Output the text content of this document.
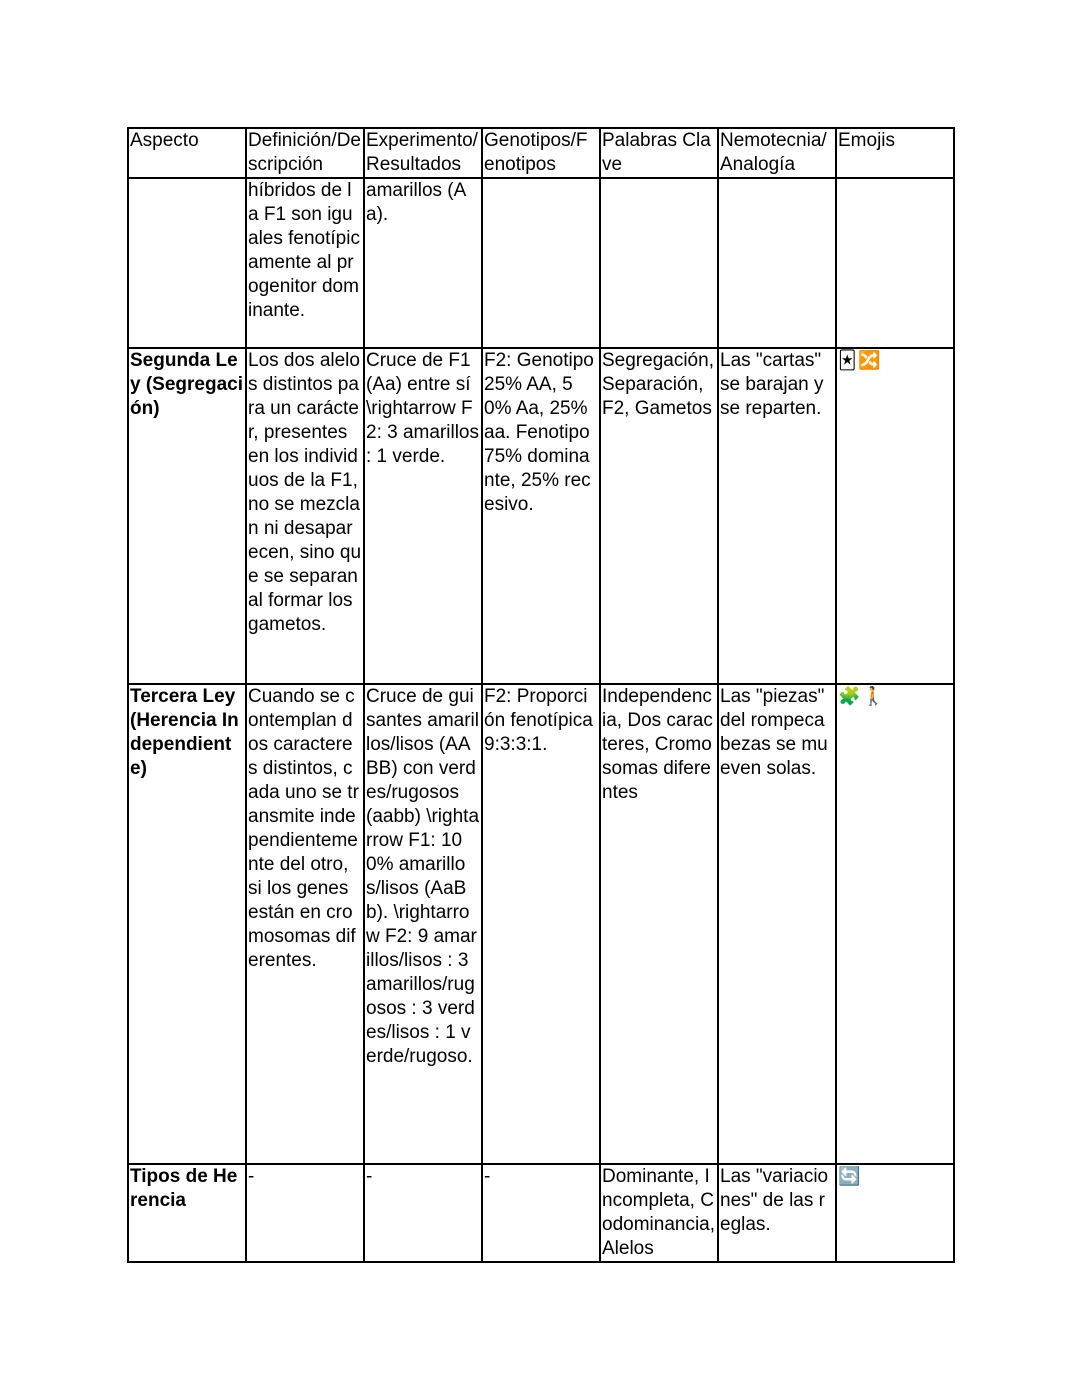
Aspecto	Definición/Descripción	Experimento/Resultados	Genotipos/Fenotipos	Palabras Clave	Nemotecnia/Analogía	Emojis
	híbridos de la F1 son iguales fenotípicamente al progenitor dominante.	amarillos (Aa).				
Segunda Ley (Segregación)	Los dos alelos distintos para un carácter, presentes en los individuos de la F1, no se mezclan ni desaparecen, sino que se separan al formar los gametos.	Cruce de F1 (Aa) entre sí \rightarrow F2: 3 amarillos : 1 verde.	F2: Genotipo 25% AA, 50% Aa, 25% aa. Fenotipo 75% dominante, 25% recesivo.	Segregación, Separación, F2, Gametos	Las "cartas" se barajan y se reparten.	🃏 🔀
Tercera Ley (Herencia Independiente)	Cuando se contemplan dos caracteres distintos, cada uno se transmite independientemente del otro, si los genes están en cromosomas diferentes.	Cruce de guisantes amarillos/lisos (AABB) con verdes/rugosos (aabb) \rightarrow F1: 100% amarillos/lisos (AaBb). \rightarrow F2: 9 amarillos/lisos : 3 amarillos/rugosos : 3 verdes/lisos : 1 verde/rugoso.	F2: Proporción fenotípica 9:3:3:1.	Independencia, Dos caracteres, Cromosomas diferentes	Las "piezas" del rompecabezas se mueven solas.	🧩 🚶
Tipos de Herencia	-	-	-	Dominante, Incompleta, Codominancia, Alelos	Las "variaciones" de las reglas.	🔄
